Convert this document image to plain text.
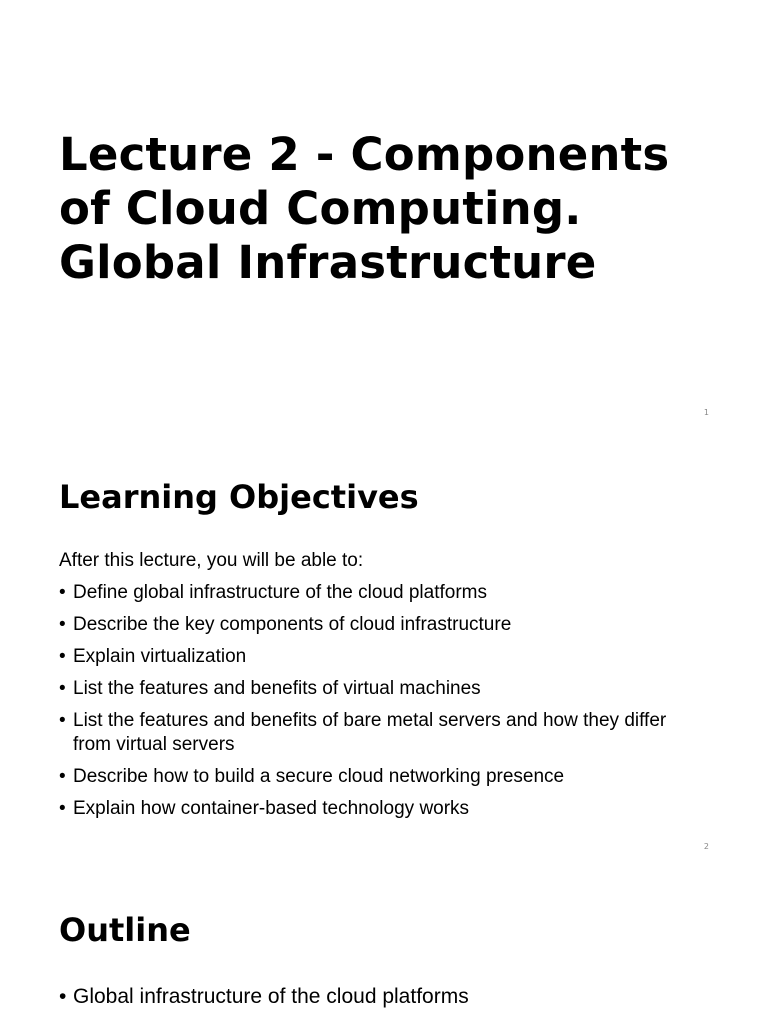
Lecture 2 - Components
of Cloud Computing.
Global Infrastructure
1
Learning Objectives

After this lecture, you will be able to:

• Define global infrastructure of the cloud platforms
• Describe the key components of cloud infrastructure
• Explain virtualization
• List the features and benefits of virtual machines
• List the features and benefits of bare metal servers and how they differ from virtual servers
• Describe how to build a secure cloud networking presence
• Explain how container-based technology works
2
Outline
• Global infrastructure of the cloud platforms
